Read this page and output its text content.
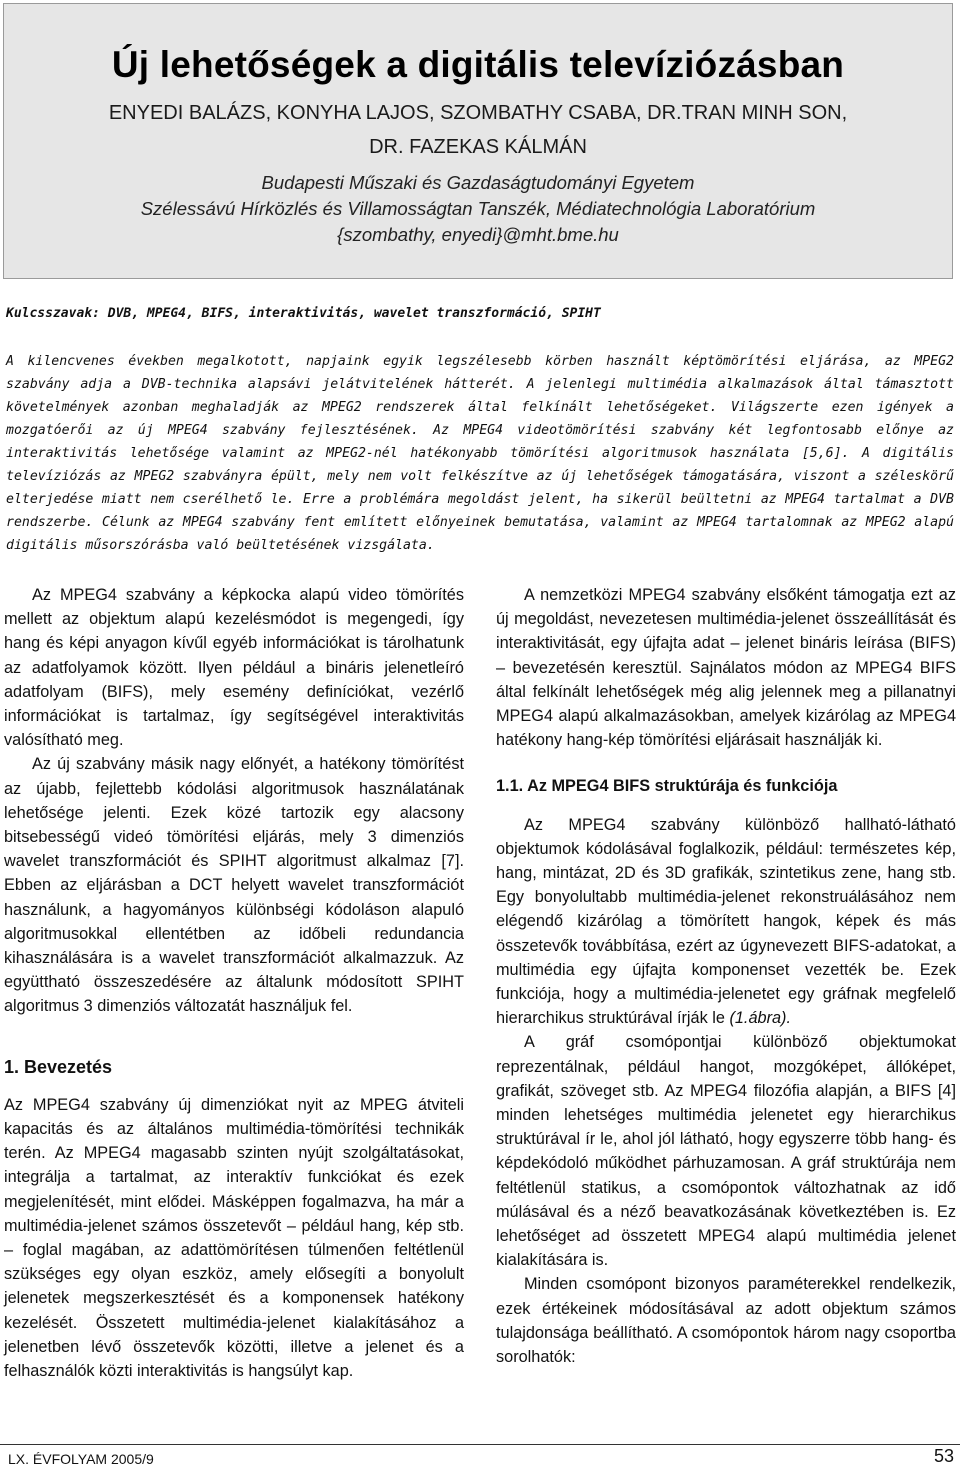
Új lehetőségek a digitális televíziózásban
ENYEDI BALÁZS, KONYHA LAJOS, SZOMBATHY CSABA, DR.TRAN MINH SON,
DR. FAZEKAS KÁLMÁN
Budapesti Műszaki és Gazdaságtudományi Egyetem
Szélessávú Hírközlés és Villamosságtan Tanszék, Médiatechnológia Laboratórium
{szombathy, enyedi}@mht.bme.hu
Kulcsszavak: DVB, MPEG4, BIFS, interaktivitás, wavelet transzformáció, SPIHT
A kilencvenes években megalkotott, napjaink egyik legszélesebb körben használt képtömörítési eljárása, az MPEG2 szabvány adja a DVB-technika alapsávi jelátvitelének hátterét. A jelenlegi multimédia alkalmazások által támasztott követelmények azonban meghaladják az MPEG2 rendszerek által felkínált lehetőségeket. Világszerte ezen igények a mozgatóerői az új MPEG4 szabvány fejlesztésének. Az MPEG4 videotömörítési szabvány két legfontosabb előnye az interaktivitás lehetősége valamint az MPEG2-nél hatékonyabb tömörítési algoritmusok használata [5,6]. A digitális televíziózás az MPEG2 szabványra épült, mely nem volt felkészítve az új lehetőségek támogatására, viszont a széleskörű elterjedése miatt nem cserélhető le. Erre a problémára megoldást jelent, ha sikerül beültetni az MPEG4 tartalmat a DVB rendszerbe. Célunk az MPEG4 szabvány fent említett előnyeinek bemutatása, valamint az MPEG4 tartalomnak az MPEG2 alapú digitális műsorszórásba való beültetésének vizsgálata.

Az MPEG4 szabvány a képkocka alapú video tömörítés mellett az objektum alapú kezelésmódot is megengedi, így hang és képi anyagon kívűl egyéb információkat is tárolhatunk az adatfolyamok között. Ilyen például a bináris jelenetleíró adatfolyam (BIFS), mely esemény definíciókat, vezérlő információkat is tartalmaz, így segítségével interaktivitás valósítható meg.

Az új szabvány másik nagy előnyét, a hatékony tömörítést az újabb, fejlettebb kódolási algoritmusok használatának lehetősége jelenti. Ezek közé tartozik egy alacsony bitsebességű videó tömörítési eljárás, mely 3 dimenziós wavelet transzformációt és SPIHT algoritmust alkalmaz [7]. Ebben az eljárásban a DCT helyett wavelet transzformációt használunk, a hagyományos különbségi kódoláson alapuló algoritmusokkal ellentétben az időbeli redundancia kihasználására is a wavelet transzformációt alkalmazzuk. Az együttható összeszedésére az általunk módosított SPIHT algoritmus 3 dimenziós változatát használjuk fel.

1. Bevezetés

Az MPEG4 szabvány új dimenziókat nyit az MPEG átviteli kapacitás és az általános multimédia-tömörítési technikák terén. Az MPEG4 magasabb szinten nyújt szolgáltatásokat, integrálja a tartalmat, az interaktív funkciókat és ezek megjelenítését, mint elődei. Másképpen fogalmazva, ha már a multimédia-jelenet számos összetevőt – például hang, kép stb. – foglal magában, az adattömörítésen túlmenően feltétlenül szükséges egy olyan eszköz, amely elősegíti a bonyolult jelenetek megszerkesztését és a komponensek hatékony kezelését. Összetett multimédia-jelenet kialakításához a jelenetben lévő összetevők közötti, illetve a jelenet és a felhasználók közti interaktivitás is hangsúlyt kap.

A nemzetközi MPEG4 szabvány elsőként támogatja ezt az új megoldást, nevezetesen multimédia-jelenet összeállítását és interaktivitását, egy újfajta adat – jelenet bináris leírása (BIFS) – bevezetésén keresztül. Sajnálatos módon az MPEG4 BIFS által felkínált lehetőségek még alig jelennek meg a pillanatnyi MPEG4 alapú alkalmazásokban, amelyek kizárólag az MPEG4 hatékony hang-kép tömörítési eljárásait használják ki.

1.1. Az MPEG4 BIFS struktúrája és funkciója

Az MPEG4 szabvány különböző hallható-látható objektumok kódolásával foglalkozik, például: természetes kép, hang, mintázat, 2D és 3D grafikák, szintetikus zene, hang stb. Egy bonyolultabb multimédia-jelenet rekonstruálásához nem elégendő kizárólag a tömörített hangok, képek és más összetevők továbbítása, ezért az úgynevezett BIFS-adatokat, a multimédia egy újfajta komponenset vezették be. Ezek funkciója, hogy a multimédia-jelenetet egy gráfnak megfelelő hierarchikus struktúrával írják le (1.ábra).

A gráf csomópontjai különböző objektumokat reprezentálnak, például hangot, mozgóképet, állóképet, grafikát, szöveget stb. Az MPEG4 filozófia alapján, a BIFS [4] minden lehetséges multimédia jelenetet egy hierarchikus struktúrával ír le, ahol jól látható, hogy egyszerre több hang- és képdekódoló működhet párhuzamosan. A gráf struktúrája nem feltétlenül statikus, a csomópontok változhatnak az idő múlásával és a néző beavatkozásának következtében is. Ez lehetőséget ad összetett MPEG4 alapú multimédia jelenet kialakítására is.

Minden csomópont bizonyos paraméterekkel rendelkezik, ezek értékeinek módosításával az adott objektum számos tulajdonsága beállítható. A csomópontok három nagy csoportba sorolhatók:

LX. ÉVFOLYAM 2005/9	53
